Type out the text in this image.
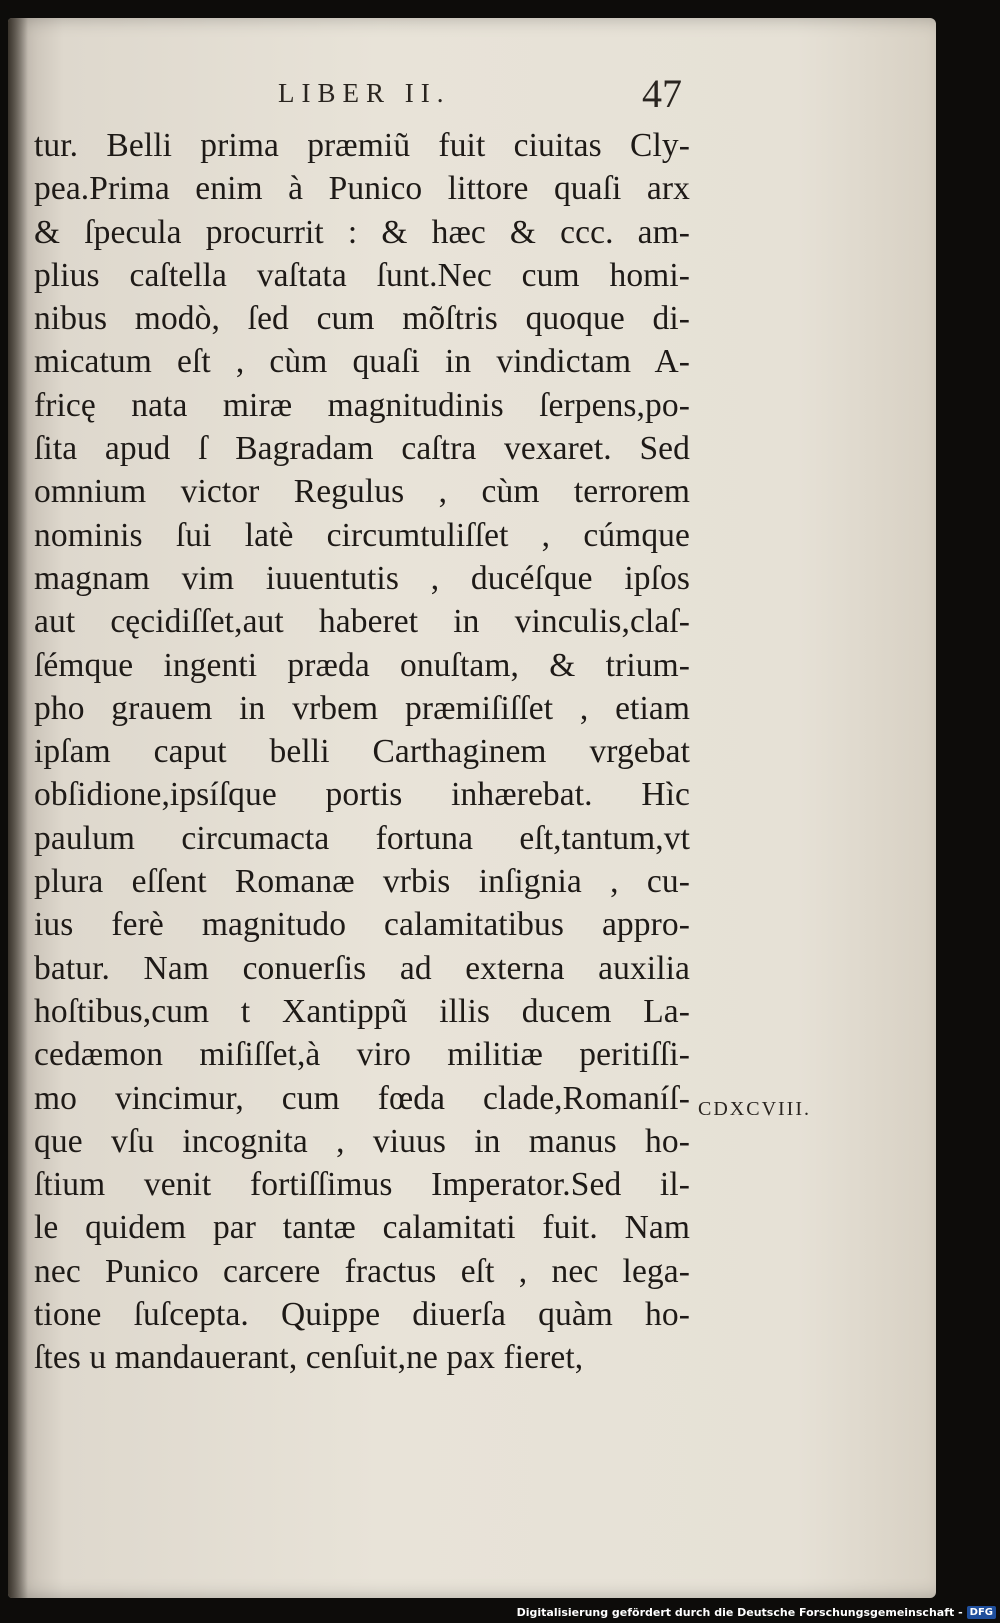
LIBER II.	47
tur. Belli prima præmiũ fuit ciuitas Cly-
pea.Prima enim à Punico littore quaſi arx
& ſpecula procurrit : & hæc & ccc. am-
plius caſtella vaſtata ſunt.Nec cum homi-
nibus modò, ſed cum mõſtris quoque di-
micatum eſt , cùm quaſi in vindictam A-
fricę nata miræ magnitudinis ſerpens,po-
ſita apud ſ Bagradam caſtra vexaret. Sed
omnium victor Regulus , cùm terrorem
nominis ſui latè circumtuliſſet , cúmque
magnam vim iuuentutis , ducéſque ipſos
aut cęcidiſſet,aut haberet in vinculis,claſ-
ſémque ingenti præda onuſtam, & trium-
pho grauem in vrbem præmiſiſſet , etiam
ipſam caput belli Carthaginem vrgebat
obſidione,ipsíſque portis inhærebat. Hìc
paulum circumacta fortuna eſt,tantum,vt
plura eſſent Romanæ vrbis inſignia , cu-
ius ferè magnitudo calamitatibus appro-
batur. Nam conuerſis ad externa auxilia
hoſtibus,cum t Xantippũ illis ducem La-
cedæmon miſiſſet,à viro militiæ peritiſſi-
mo vincimur, cum fœda clade,Romaníſ-
que vſu incognita , viuus in manus ho-
ſtium venit fortiſſimus Imperator.Sed il-
le quidem par tantæ calamitati fuit. Nam
nec Punico carcere fractus eſt , nec lega-
tione ſuſcepta. Quippe diuerſa quàm ho-
ſtes u mandauerant, cenſuit,ne pax fieret,
CDXCVIII.
Digitalisierung gefördert durch die Deutsche Forschungsgemeinschaft - DFG
